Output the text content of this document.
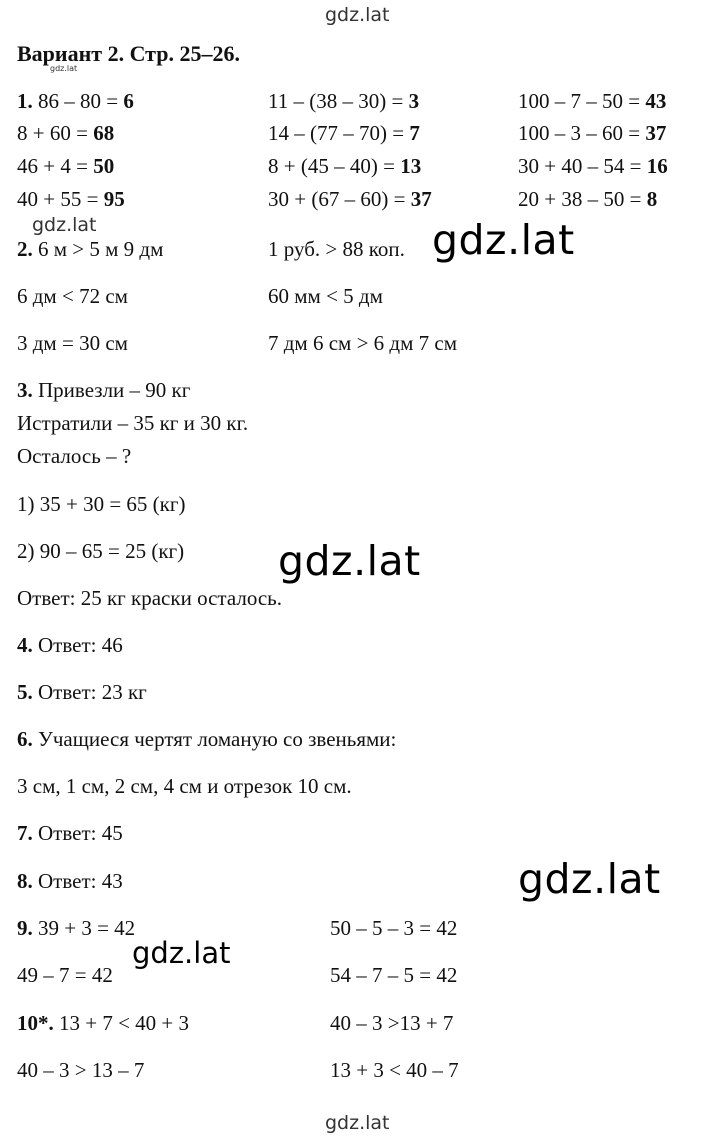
gdz.lat
gdz.lat
gdz.lat	gdz.lat
gdz.lat
gdz.lat
gdz.lat
gdz.lat
Вариант 2. Стр. 25–26.
1. 86 – 80 = 6	11 – (38 – 30) = 3	100 – 7 – 50 = 43
8 + 60 = 68	14 – (77 – 70) = 7	100 – 3 – 60 = 37
46 + 4 = 50	8 + (45 – 40) = 13	30 + 40 – 54 = 16
40 + 55 = 95	30 + (67 – 60) = 37	20 + 38 – 50 = 8
2. 6 м > 5 м 9 дм	1 руб. > 88 коп.
6 дм < 72 см	60 мм < 5 дм
3 дм = 30 см	7 дм 6 см > 6 дм 7 см
3. Привезли – 90 кг
Истратили – 35 кг и 30 кг.
Осталось – ?
1) 35 + 30 = 65 (кг)
2) 90 – 65 = 25 (кг)
Ответ: 25 кг краски осталось.
4. Ответ: 46
5. Ответ: 23 кг
6. Учащиеся чертят ломаную со звеньями:
3 см, 1 см, 2 см, 4 см и отрезок 10 см.
7. Ответ: 45
8. Ответ: 43
9. 39 + 3 = 42	50 – 5 – 3 = 42
49 – 7 = 42	54 – 7 – 5 = 42
10*. 13 + 7 < 40 + 3	40 – 3 >13 + 7
40 – 3 > 13 – 7	13 + 3 < 40 – 7
